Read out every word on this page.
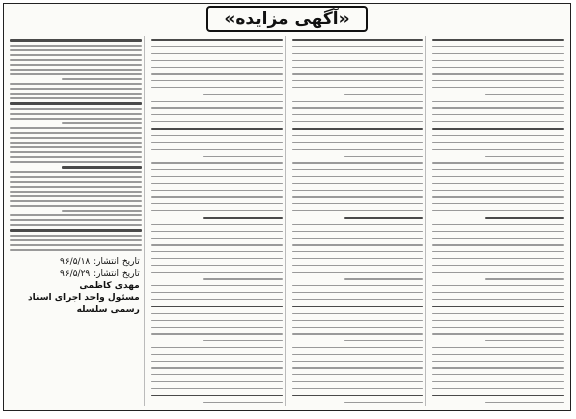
«آگهی مزایده»
تاریخ انتشار: ۹۶/۵/۱۸
تاریخ انتشار: ۹۶/۵/۲۹
مهدی کاظمی
مسئول واحد اجرای اسناد رسمی سلسله
